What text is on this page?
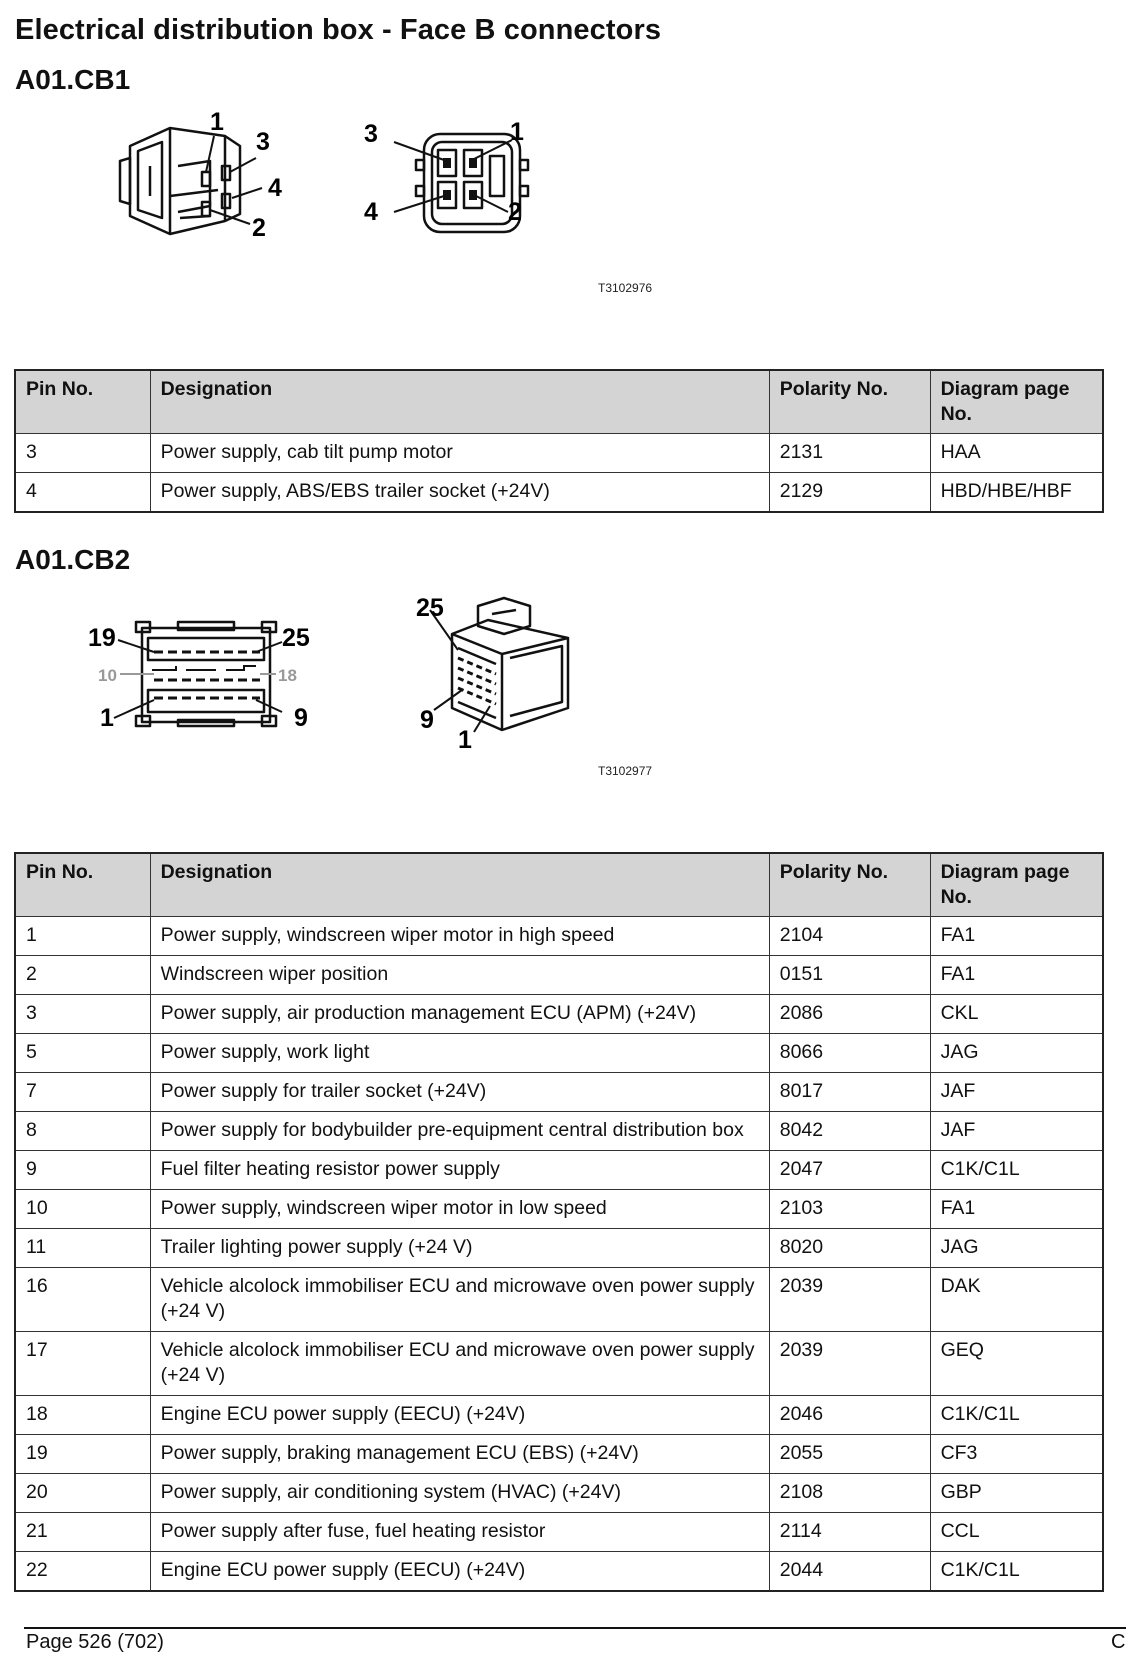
Electrical distribution box - Face B connectors
A01.CB1
1
3
4
2
3	1
4	2
T3102976
Pin No.	Designation	Polarity No.	Diagram page No.
3	Power supply, cab tilt pump motor	2131	HAA
4	Power supply, ABS/EBS trailer socket (+24V)	2129	HBD/HBE/HBF
A01.CB2
19	25
10	18
1	9
25
9
1
T3102977
Pin No.	Designation	Polarity No.	Diagram page No.
1	Power supply, windscreen wiper motor in high speed	2104	FA1
2	Windscreen wiper position	0151	FA1
3	Power supply, air production management ECU (APM) (+24V)	2086	CKL
5	Power supply, work light	8066	JAG
7	Power supply for trailer socket (+24V)	8017	JAF
8	Power supply for bodybuilder pre-equipment central distribution box	8042	JAF
9	Fuel filter heating resistor power supply	2047	C1K/C1L
10	Power supply, windscreen wiper motor in low speed	2103	FA1
11	Trailer lighting power supply (+24 V)	8020	JAG
16	Vehicle alcolock immobiliser ECU and microwave oven power supply (+24 V)	2039	DAK
17	Vehicle alcolock immobiliser ECU and microwave oven power supply (+24 V)	2039	GEQ
18	Engine ECU power supply (EECU) (+24V)	2046	C1K/C1L
19	Power supply, braking management ECU (EBS) (+24V)	2055	CF3
20	Power supply, air conditioning system (HVAC) (+24V)	2108	GBP
21	Power supply after fuse, fuel heating resistor	2114	CCL
22	Engine ECU power supply (EECU) (+24V)	2044	C1K/C1L
Page 526 (702)	C
